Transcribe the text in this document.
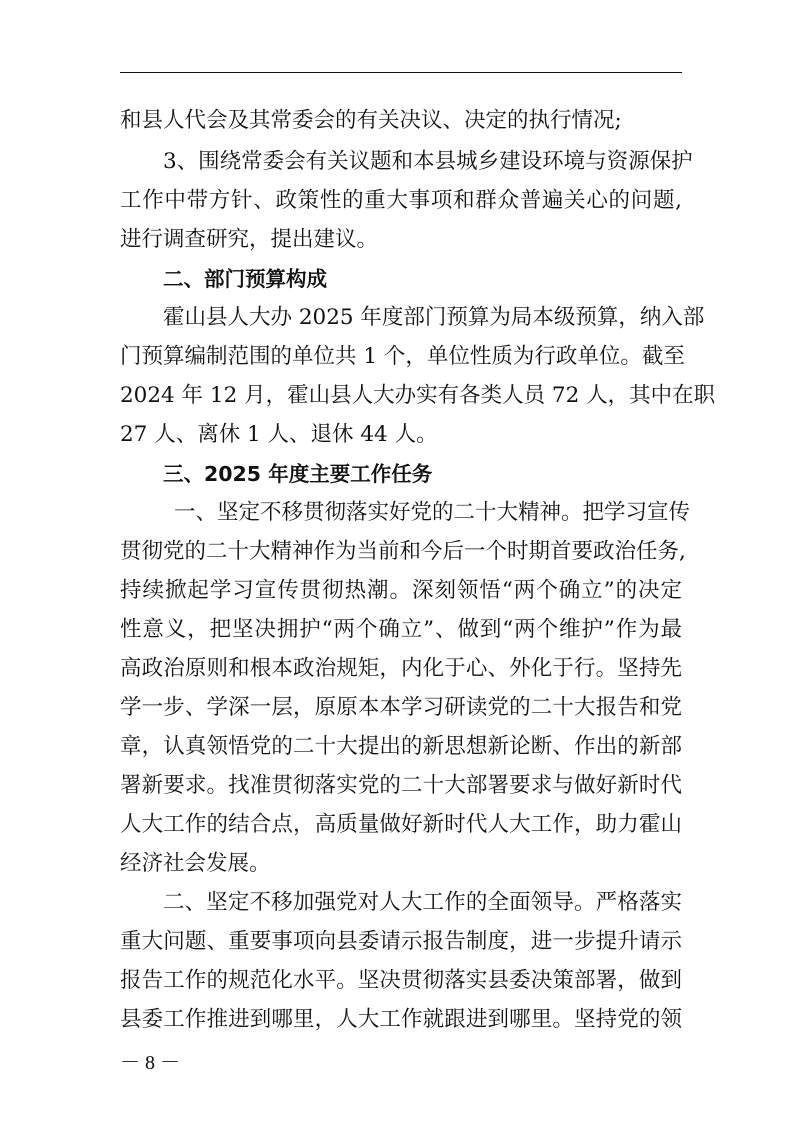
和县人代会及其常委会的有关决议、决定的执行情况;
3、围绕常委会有关议题和本县城乡建设环境与资源保护
工作中带方针、政策性的重大事项和群众普遍关心的问题,
进行调查研究，提出建议。
二、部门预算构成
霍山县人大办 2025 年度部门预算为局本级预算，纳入部
门预算编制范围的单位共 1 个，单位性质为行政单位。截至
2024 年 12 月，霍山县人大办实有各类人员 72 人，其中在职
27 人、离休 1 人、退休 44 人。
三、2025 年度主要工作任务
一、坚定不移贯彻落实好党的二十大精神。把学习宣传
贯彻党的二十大精神作为当前和今后一个时期首要政治任务,
持续掀起学习宣传贯彻热潮。深刻领悟“两个确立”的决定
性意义，把坚决拥护“两个确立”、做到“两个维护”作为最
高政治原则和根本政治规矩，内化于心、外化于行。坚持先
学一步、学深一层，原原本本学习研读党的二十大报告和党
章，认真领悟党的二十大提出的新思想新论断、作出的新部
署新要求。找准贯彻落实党的二十大部署要求与做好新时代
人大工作的结合点，高质量做好新时代人大工作，助力霍山
经济社会发展。
二、坚定不移加强党对人大工作的全面领导。严格落实
重大问题、重要事项向县委请示报告制度，进一步提升请示
报告工作的规范化水平。坚决贯彻落实县委决策部署，做到
县委工作推进到哪里，人大工作就跟进到哪里。坚持党的领
－ 8 －
